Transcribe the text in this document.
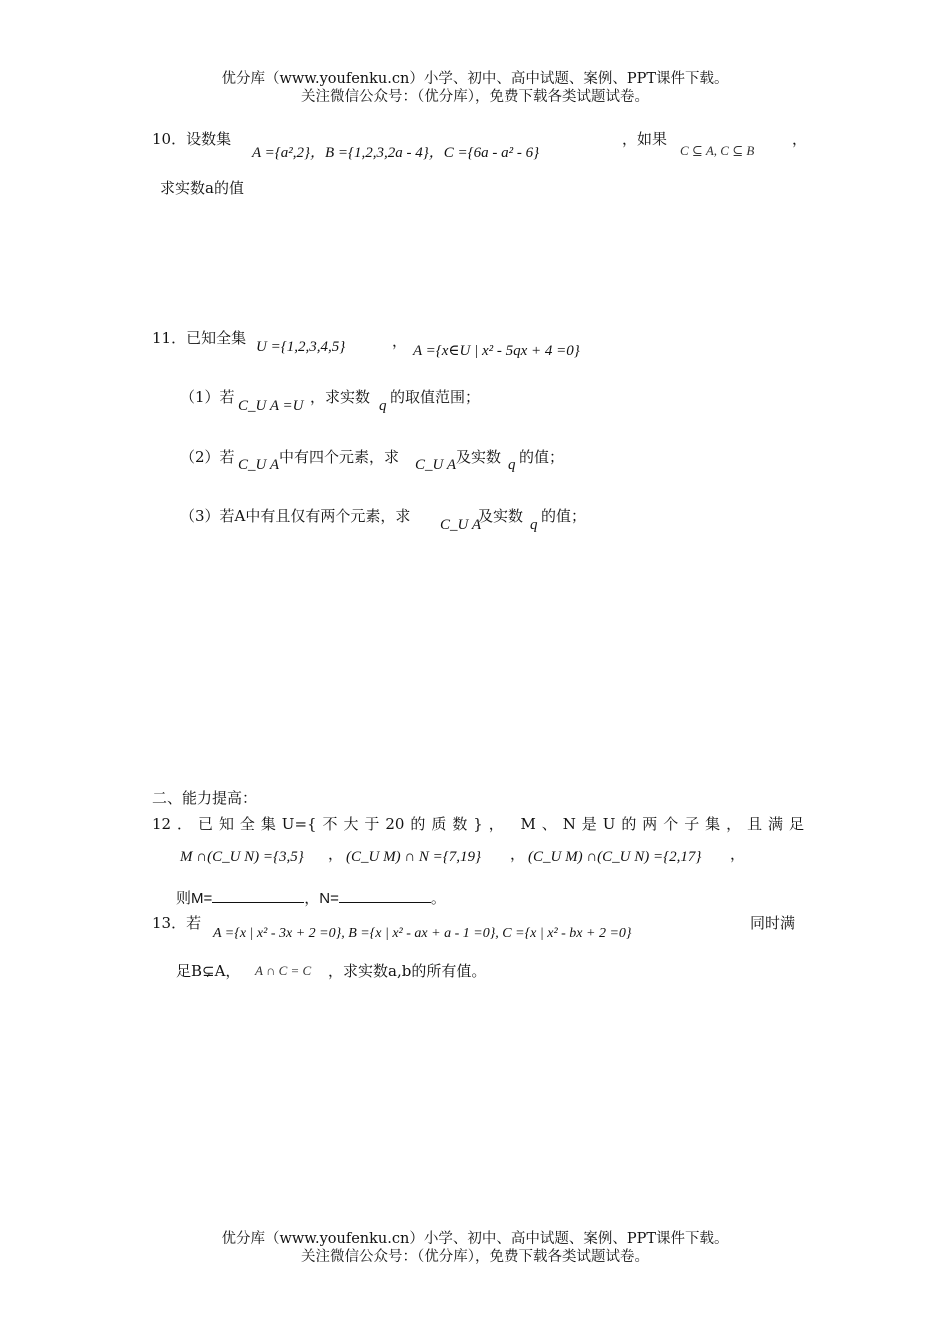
优分库（www.youfenku.cn）小学、初中、高中试题、案例、PPT课件下载。
关注微信公众号：（优分库），免费下载各类试题试卷。
10．设数集
A ={a²,2}，B ={1,2,3,2a - 4}，C ={6a - a² - 6}
，如果
C ⊆ A, C ⊆ B
，
求实数a的值
11．已知全集 U ={1,2,3,4,5}	，
A ={x∈U | x² - 5qx + 4 =0}
（1）若 C_U A =U ，求实数 q 的取值范围；
（2）若 C_U A 中有四个元素，求 C_U A 及实数 q 的值；
（3）若A中有且仅有两个元素，求 C_U A
及实数 q 的值；
二、能力提高：
12．已知全集U={不大于20的质数}， M、N是U的两个子集，且满足
M ∩(C_U N) ={3,5} ， (C_U M) ∩ N ={7,19} ， (C_U M) ∩(C_U N) ={2,17} ，
则M=	，N=	。
13．若
A ={x | x² - 3x + 2 =0}, B ={x | x² - ax + a - 1 =0}, C ={x | x² - bx + 2 =0}
同时满
足B⊊A， A ∩ C = C ，求实数a,b的所有值。
优分库（www.youfenku.cn）小学、初中、高中试题、案例、PPT课件下载。
关注微信公众号：（优分库），免费下载各类试题试卷。
